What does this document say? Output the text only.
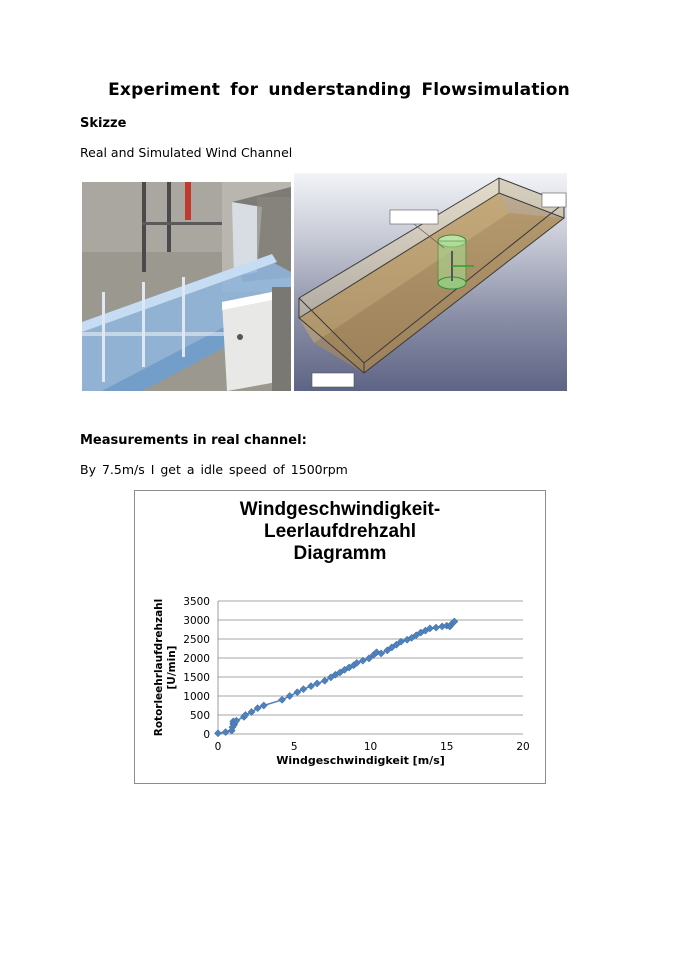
Experiment for understanding Flowsimulation
Skizze
Real and Simulated Wind Channel
Measurements in real channel:
By 7.5m/s I get a idle speed of 1500rpm
Windgeschwindigkeit-
Leerlaufdrehzahl
Diagramm
0
500
1000
1500
2000
2500
3000
3500
0	5	10	15	20
Rotorleehrlaufdrehzahl [U/min]
Windgeschwindigkeit [m/s]
